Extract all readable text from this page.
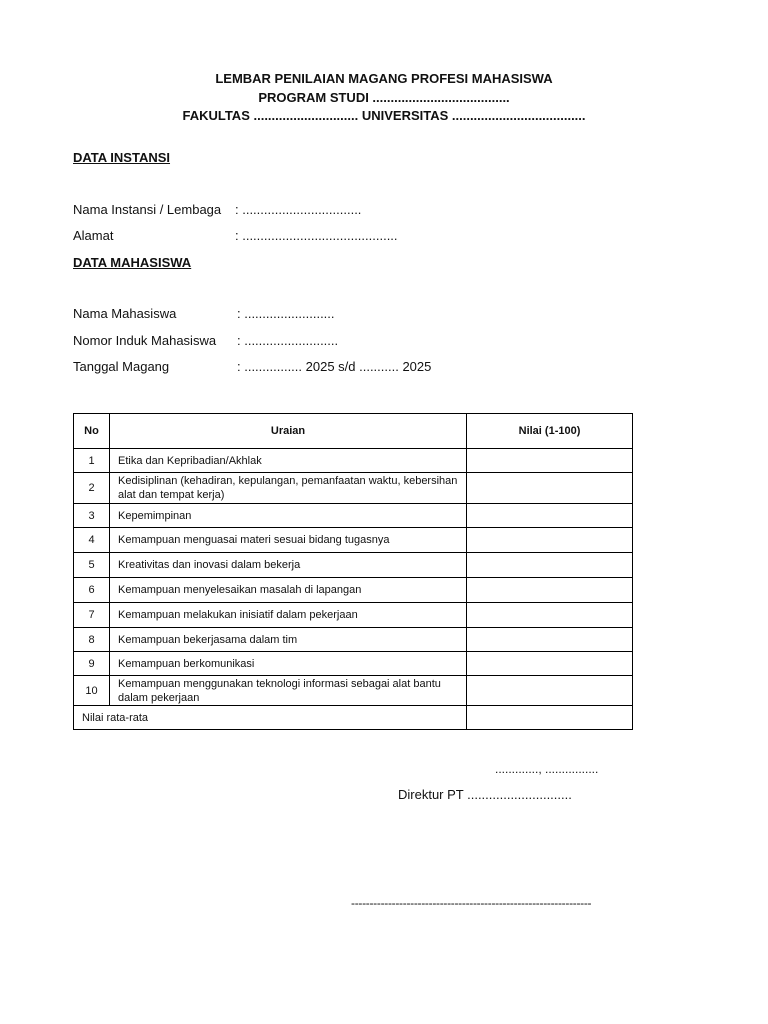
LEMBAR PENILAIAN MAGANG PROFESI MAHASISWA
PROGRAM STUDI ......................................
FAKULTAS ............................. UNIVERSITAS .....................................
DATA INSTANSI
Nama Instansi / Lembaga : .................................
Alamat	: ...........................................
DATA MAHASISWA
Nama Mahasiswa	: .........................
Nomor Induk Mahasiswa : ..........................
Tanggal Magang	: ................ 2025 s/d ........... 2025
No	Uraian	Nilai (1-100)
1	Etika dan Kepribadian/Akhlak	
2	Kedisiplinan (kehadiran, kepulangan, pemanfaatan waktu, kebersihan alat dan tempat kerja)	
3	Kepemimpinan	
4	Kemampuan menguasai materi sesuai bidang tugasnya	
5	Kreativitas dan inovasi dalam bekerja	
6	Kemampuan menyelesaikan masalah di lapangan	
7	Kemampuan melakukan inisiatif dalam pekerjaan	
8	Kemampuan bekerjasama dalam tim	
9	Kemampuan berkomunikasi	
10	Kemampuan menggunakan teknologi informasi sebagai alat bantu dalam pekerjaan	
Nilai rata-rata		
............., ................
Direktur PT .............................
-----------------------------------------------------------------
